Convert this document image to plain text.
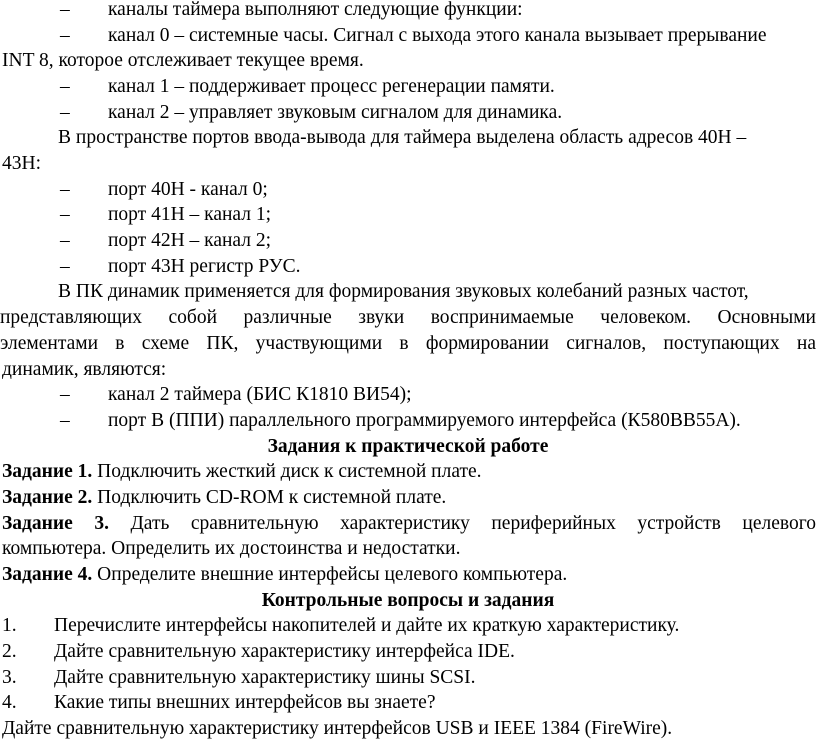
– каналы таймера выполняют следующие функции:
– канал 0 – системные часы. Сигнал с выхода этого канала вызывает прерывание
INT 8, которое отслеживает текущее время.
– канал 1 – поддерживает процесс регенерации памяти.
– канал 2 – управляет звуковым сигналом для динамика.
В пространстве портов ввода-вывода для таймера выделена область адресов 40Н –
43Н:
– порт 40Н - канал 0;
– порт 41Н – канал 1;
– порт 42Н – канал 2;
– порт 43Н регистр РУС.
В ПК динамик применяется для формирования звуковых колебаний разных частот,
представляющих собой различные звуки воспринимаемые человеком. Основными
элементами в схеме ПК, участвующими в формировании сигналов, поступающих на
динамик, являются:
– канал 2 таймера (БИС К1810 ВИ54);
– порт В (ППИ) параллельного программируемого интерфейса (К580ВВ55А).
Задания к практической работе
Задание 1. Подключить жесткий диск к системной плате.
Задание 2. Подключить CD-ROM к системной плате.
Задание 3. Дать сравнительную характеристику периферийных устройств целевого
компьютера. Определить их достоинства и недостатки.
Задание 4. Определите внешние интерфейсы целевого компьютера.
Контрольные вопросы и задания
1. Перечислите интерфейсы накопителей и дайте их краткую характеристику.
2. Дайте сравнительную характеристику интерфейса IDE.
3. Дайте сравнительную характеристику шины SCSI.
4. Какие типы внешних интерфейсов вы знаете?
Дайте сравнительную характеристику интерфейсов USB и IEEE 1384 (FireWire).
